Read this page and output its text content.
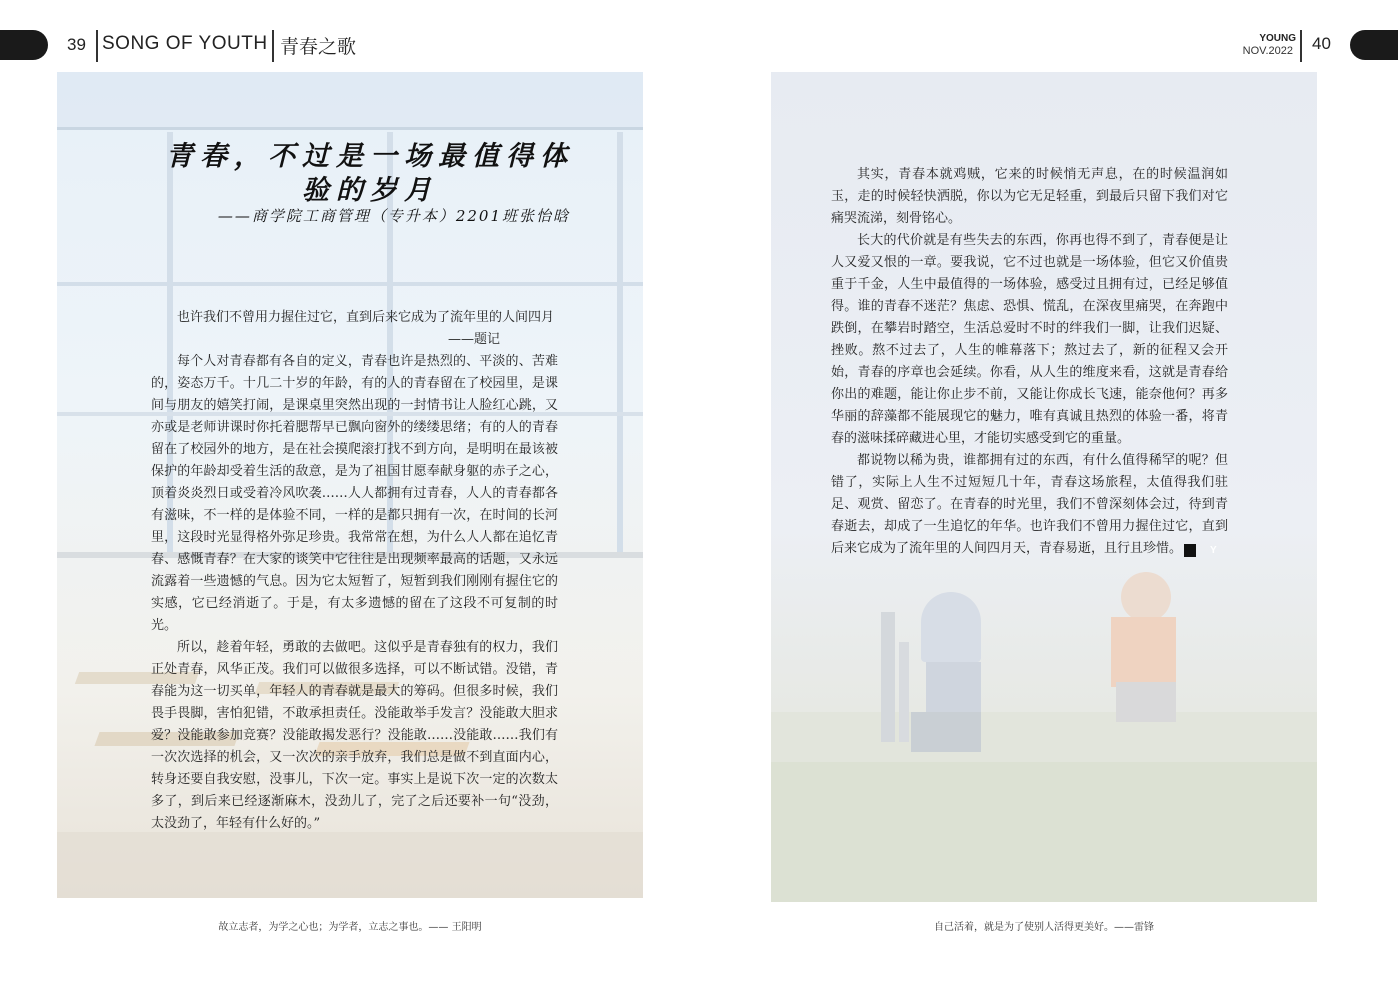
39 SONG OF YOUTH 青春之歌	YOUNG
NOV.2022 40
青春，不过是一场最值得体
验的岁月
——商学院工商管理（专升本）2201班张怡晗

也许我们不曾用力握住过它，直到后来它成为了流年里的人间四月

——题记

每个人对青春都有各自的定义，青春也许是热烈的、平淡的、苦难的，姿态万千。十几二十岁的年龄，有的人的青春留在了校园里，是课间与朋友的嬉笑打闹，是课桌里突然出现的一封情书让人脸红心跳，又亦或是老师讲课时你托着腮帮早已飘向窗外的缕缕思绪；有的人的青春留在了校园外的地方，是在社会摸爬滚打找不到方向，是明明在最该被保护的年龄却受着生活的敌意，是为了祖国甘愿奉献身躯的赤子之心，顶着炎炎烈日或受着冷风吹袭……人人都拥有过青春，人人的青春都各有滋味，不一样的是体验不同，一样的是都只拥有一次，在时间的长河里，这段时光显得格外弥足珍贵。我常常在想，为什么人人都在追忆青春、感慨青春？在大家的谈笑中它往往是出现频率最高的话题，又永远流露着一些遗憾的气息。因为它太短暂了，短暂到我们刚刚有握住它的实感，它已经消逝了。于是，有太多遗憾的留在了这段不可复制的时光。

所以，趁着年轻，勇敢的去做吧。这似乎是青春独有的权力，我们正处青春，风华正茂。我们可以做很多选择，可以不断试错。没错，青春能为这一切买单，年轻人的青春就是最大的筹码。但很多时候，我们畏手畏脚，害怕犯错，不敢承担责任。没能敢举手发言？没能敢大胆求爱？没能敢参加竞赛？没能敢揭发恶行？没能敢……没能敢……我们有一次次选择的机会，又一次次的亲手放弃，我们总是做不到直面内心，转身还要自我安慰，没事儿，下次一定。事实上是说下次一定的次数太多了，到后来已经逐渐麻木，没劲儿了，完了之后还要补一句“没劲，太没劲了，年轻有什么好的。”

其实，青春本就鸡贼，它来的时候悄无声息，在的时候温润如玉，走的时候轻快洒脱，你以为它无足轻重，到最后只留下我们对它痛哭流涕，刻骨铭心。

长大的代价就是有些失去的东西，你再也得不到了，青春便是让人又爱又恨的一章。要我说，它不过也就是一场体验，但它又价值贵重于千金，人生中最值得的一场体验，感受过且拥有过，已经足够值得。谁的青春不迷茫？焦虑、恐惧、慌乱，在深夜里痛哭，在奔跑中跌倒，在攀岩时踏空，生活总爱时不时的绊我们一脚，让我们迟疑、挫败。熬不过去了，人生的帷幕落下；熬过去了，新的征程又会开始，青春的序章也会延续。你看，从人生的维度来看，这就是青春给你出的难题，能让你止步不前，又能让你成长飞速，能奈他何？再多华丽的辞藻都不能展现它的魅力，唯有真诚且热烈的体验一番，将青春的滋味揉碎藏进心里，才能切实感受到它的重量。

都说物以稀为贵，谁都拥有过的东西，有什么值得稀罕的呢？但错了，实际上人生不过短短几十年，青春这场旅程，太值得我们驻足、观赏、留恋了。在青春的时光里，我们不曾深刻体会过，待到青春逝去，却成了一生追忆的年华。也许我们不曾用力握住过它，直到后来它成为了流年里的人间四月天，青春易逝，且行且珍惜。	Y

故立志者，为学之心也；为学者，立志之事也。—— 王阳明	自己活着，就是为了使别人活得更美好。——雷锋
